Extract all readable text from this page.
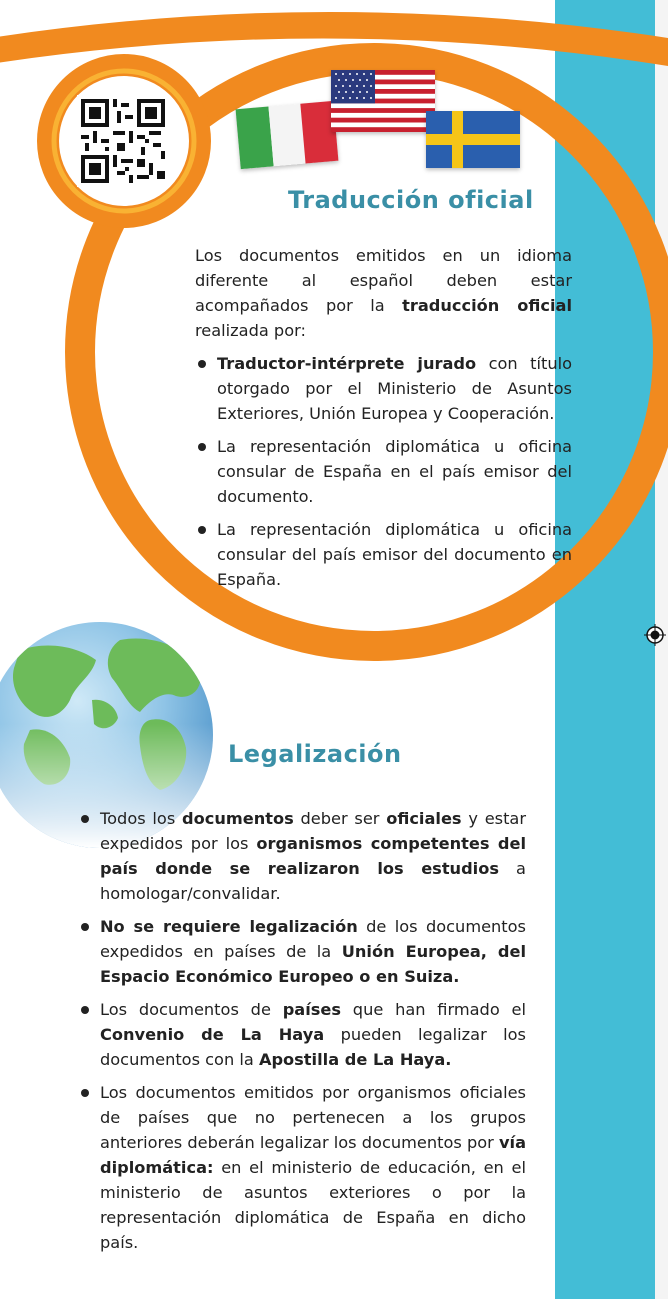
Traducción oficial
Los documentos emitidos en un idioma diferente al español deben estar acompañados por la traducción oficial realizada por:
Traductor-intérprete jurado con título otorgado por el Ministerio de Asuntos Exteriores, Unión Europea y Cooperación.
La representación diplomática u oficina consular de España en el país emisor del documento.
La representación diplomática u oficina consular del país emisor del documento en España.
Legalización
Todos los documentos deber ser oficiales y estar expedidos por los organismos competentes del país donde se realizaron los estudios a homologar/convalidar.
No se requiere legalización de los documentos expedidos en países de la Unión Europea, del Espacio Económico Europeo o en Suiza.
Los documentos de países que han firmado el Convenio de La Haya pueden legalizar los documentos con la Apostilla de La Haya.
Los documentos emitidos por organismos oficiales de países que no pertenecen a los grupos anteriores deberán legalizar los documentos por vía diplomática: en el ministerio de educación, en el ministerio de asuntos exteriores o por la representación diplomática de España en dicho país.
